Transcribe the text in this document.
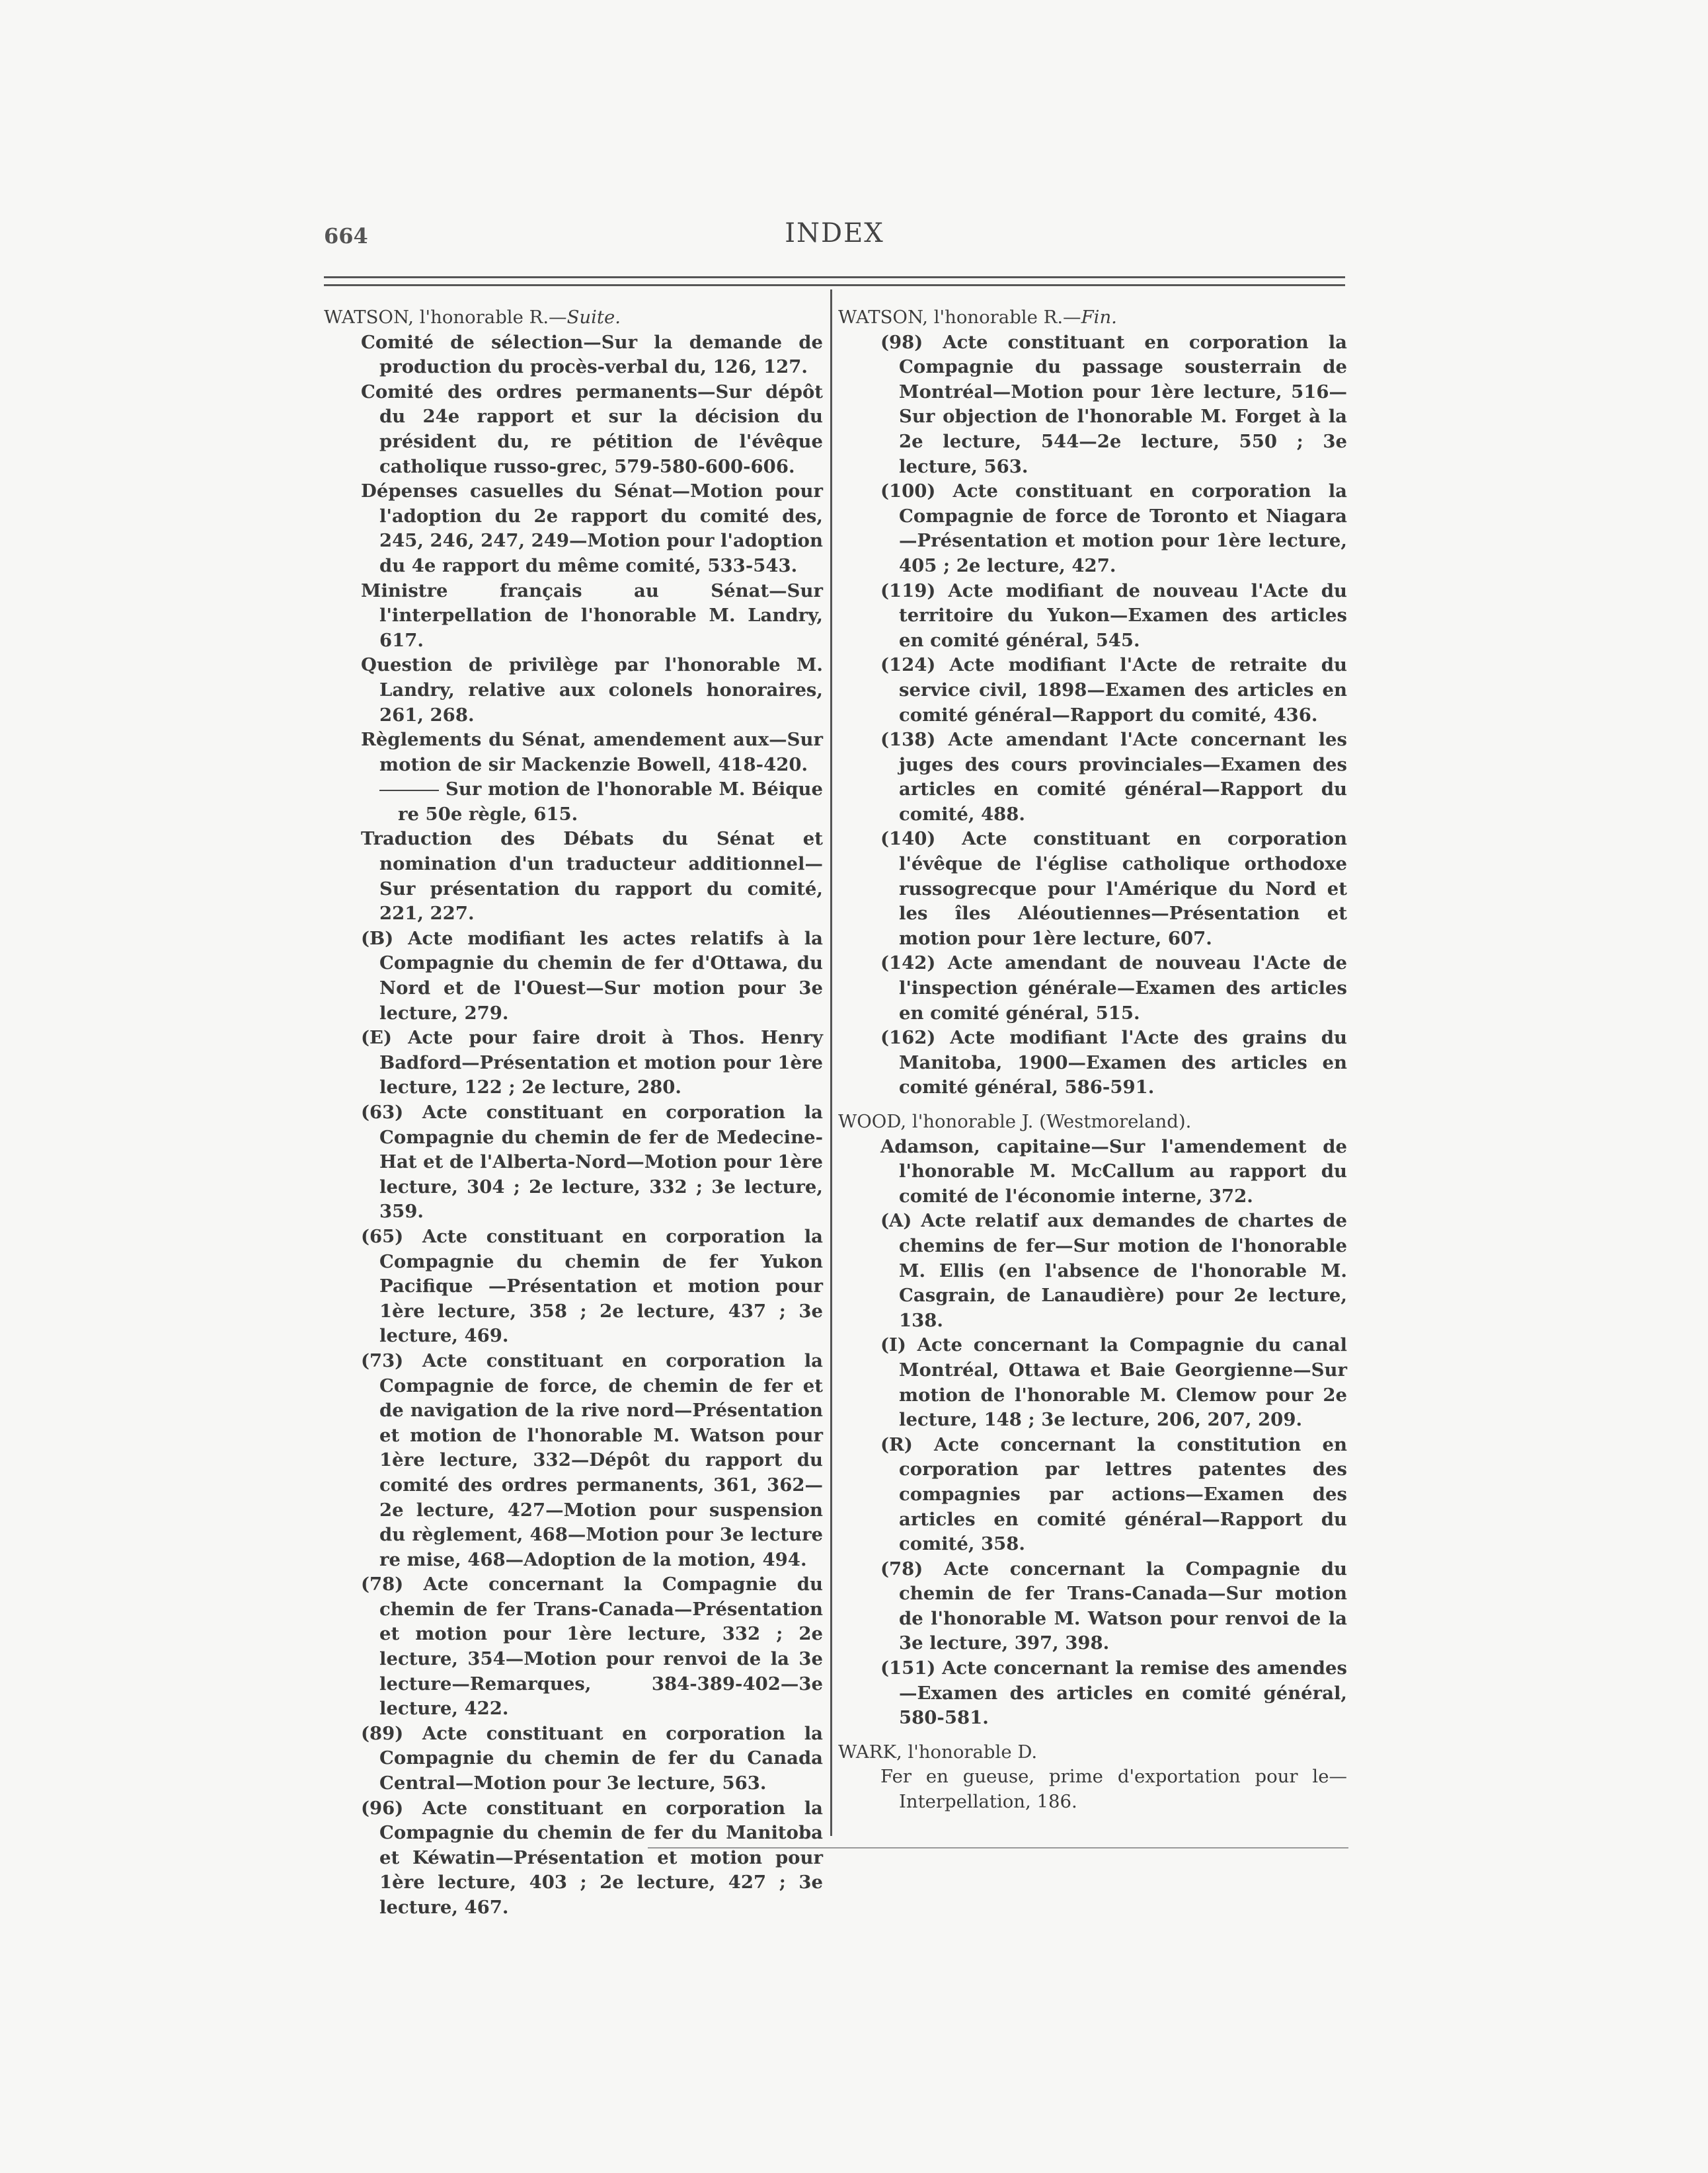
664	INDEX

WATSON, l'honorable R.—Suite.

Comité de sélection—Sur la demande de production du procès-verbal du, 126, 127.

Comité des ordres permanents—Sur dépôt du 24e rapport et sur la décision du président du, re pétition de l'évêque catholique russo-grec, 579-580-600-606.

Dépenses casuelles du Sénat—Motion pour l'adoption du 2e rapport du comité des, 245, 246, 247, 249—Motion pour l'adoption du 4e rapport du même comité, 533-543.

Ministre français au Sénat—Sur l'interpellation de l'honorable M. Landry, 617.

Question de privilège par l'honorable M. Landry, relative aux colonels honoraires, 261, 268.

Règlements du Sénat, amendement aux—Sur motion de sir Mackenzie Bowell, 418-420.

Sur motion de l'honorable M. Béique re 50e règle, 615.

Traduction des Débats du Sénat et nomination d'un traducteur additionnel—Sur présentation du rapport du comité, 221, 227.

(B) Acte modifiant les actes relatifs à la Compagnie du chemin de fer d'Ottawa, du Nord et de l'Ouest—Sur motion pour 3e lecture, 279.

(E) Acte pour faire droit à Thos. Henry Badford—Présentation et motion pour 1ère lecture, 122 ; 2e lecture, 280.

(63) Acte constituant en corporation la Compagnie du chemin de fer de Medecine-Hat et de l'Alberta-Nord—Motion pour 1ère lecture, 304 ; 2e lecture, 332 ; 3e lecture, 359.

(65) Acte constituant en corporation la Compagnie du chemin de fer Yukon Pacifique —Présentation et motion pour 1ère lecture, 358 ; 2e lecture, 437 ; 3e lecture, 469.

(73) Acte constituant en corporation la Compagnie de force, de chemin de fer et de navigation de la rive nord—Présentation et motion de l'honorable M. Watson pour 1ère lecture, 332—Dépôt du rapport du comité des ordres permanents, 361, 362—2e lecture, 427—Motion pour suspension du règlement, 468—Motion pour 3e lecture re mise, 468—Adoption de la motion, 494.

(78) Acte concernant la Compagnie du chemin de fer Trans-Canada—Présentation et motion pour 1ère lecture, 332 ; 2e lecture, 354—Motion pour renvoi de la 3e lecture—Remarques, 384-389-402—3e lecture, 422.

(89) Acte constituant en corporation la Compagnie du chemin de fer du Canada Central—Motion pour 3e lecture, 563.

(96) Acte constituant en corporation la Compagnie du chemin de fer du Manitoba et Kéwatin—Présentation et motion pour 1ère lecture, 403 ; 2e lecture, 427 ; 3e lecture, 467.

WATSON, l'honorable R.—Fin.

(98) Acte constituant en corporation la Compagnie du passage sousterrain de Montréal—Motion pour 1ère lecture, 516—Sur objection de l'honorable M. Forget à la 2e lecture, 544—2e lecture, 550 ; 3e lecture, 563.

(100) Acte constituant en corporation la Compagnie de force de Toronto et Niagara—Présentation et motion pour 1ère lecture, 405 ; 2e lecture, 427.

(119) Acte modifiant de nouveau l'Acte du territoire du Yukon—Examen des articles en comité général, 545.

(124) Acte modifiant l'Acte de retraite du service civil, 1898—Examen des articles en comité général—Rapport du comité, 436.

(138) Acte amendant l'Acte concernant les juges des cours provinciales—Examen des articles en comité général—Rapport du comité, 488.

(140) Acte constituant en corporation l'évêque de l'église catholique orthodoxe russogrecque pour l'Amérique du Nord et les îles Aléoutiennes—Présentation et motion pour 1ère lecture, 607.

(142) Acte amendant de nouveau l'Acte de l'inspection générale—Examen des articles en comité général, 515.

(162) Acte modifiant l'Acte des grains du Manitoba, 1900—Examen des articles en comité général, 586-591.

WOOD, l'honorable J. (Westmoreland).

Adamson, capitaine—Sur l'amendement de l'honorable M. McCallum au rapport du comité de l'économie interne, 372.

(A) Acte relatif aux demandes de chartes de chemins de fer—Sur motion de l'honorable M. Ellis (en l'absence de l'honorable M. Casgrain, de Lanaudière) pour 2e lecture, 138.

(I) Acte concernant la Compagnie du canal Montréal, Ottawa et Baie Georgienne—Sur motion de l'honorable M. Clemow pour 2e lecture, 148 ; 3e lecture, 206, 207, 209.

(R) Acte concernant la constitution en corporation par lettres patentes des compagnies par actions—Examen des articles en comité général—Rapport du comité, 358.

(78) Acte concernant la Compagnie du chemin de fer Trans-Canada—Sur motion de l'honorable M. Watson pour renvoi de la 3e lecture, 397, 398.

(151) Acte concernant la remise des amendes—Examen des articles en comité général, 580-581.

WARK, l'honorable D.

Fer en gueuse, prime d'exportation pour le—Interpellation, 186.
